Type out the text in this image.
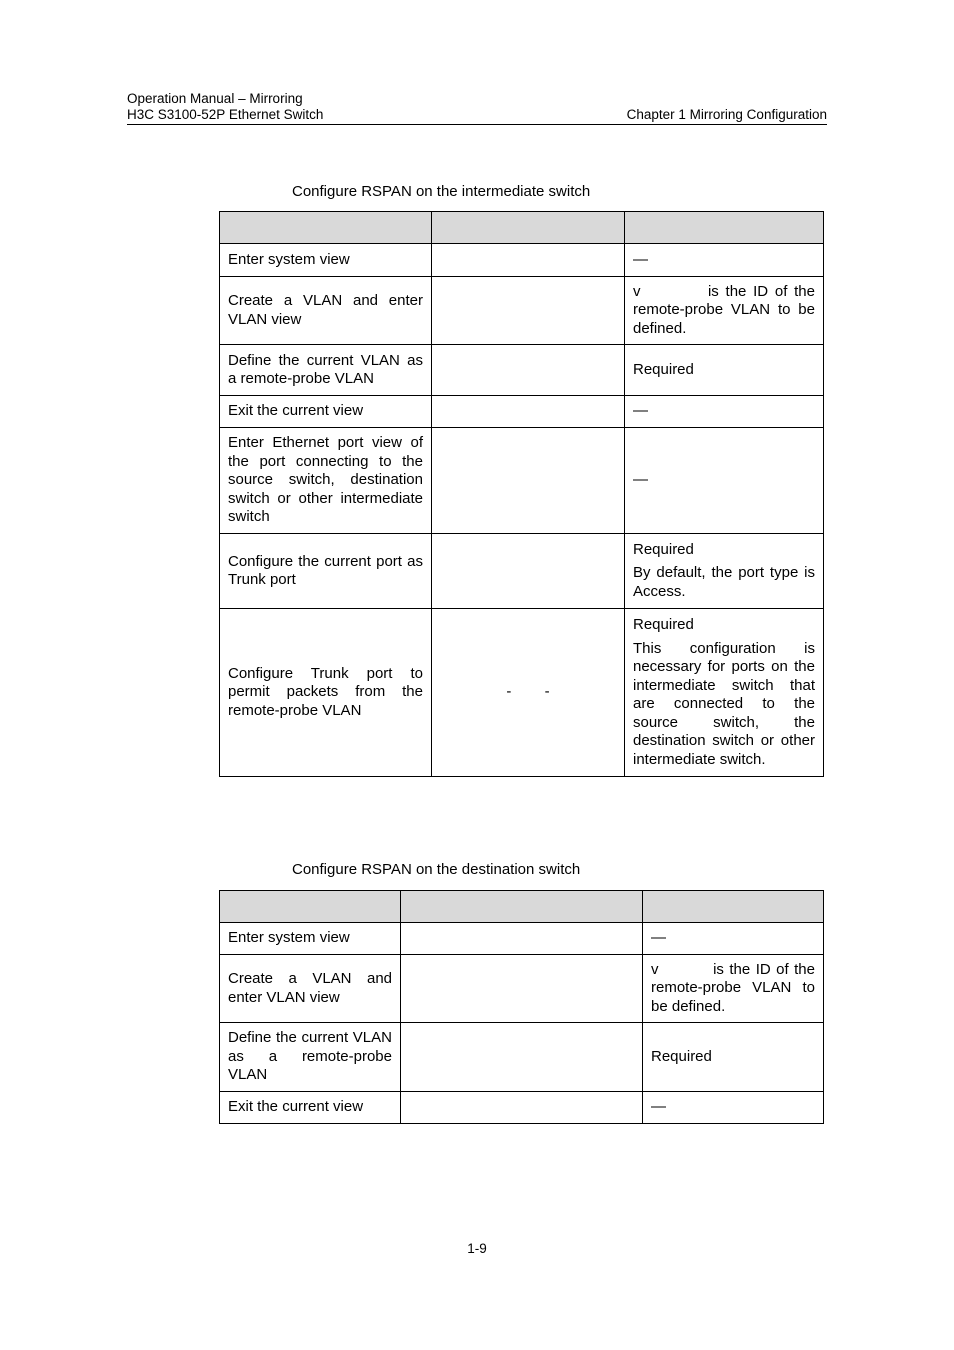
Operation Manual – Mirroring
H3C S3100-52P Ethernet Switch	Chapter 1 Mirroring Configuration
Configure RSPAN on the intermediate switch

Enter system view		—

Create a VLAN and enter VLAN view		v          is the ID of the remote-probe VLAN to be defined.

Define the current VLAN as a remote-probe VLAN		Required

Exit the current view		—

Enter Ethernet port view of the port connecting to the source switch, destination switch or other intermediate switch		—

Configure the current port as Trunk port		Required
By default, the port type is Access.

Configure Trunk port to permit packets from the remote-probe VLAN	-        -	Required
This configuration is necessary for ports on the intermediate switch that are connected to the source switch, the destination switch or other intermediate switch.
Configure RSPAN on the destination switch

Enter system view		—

Create a VLAN and enter VLAN view		v          is the ID of the remote-probe VLAN to be defined.

Define the current VLAN as a remote-probe VLAN		Required

Exit the current view		—
1-9
